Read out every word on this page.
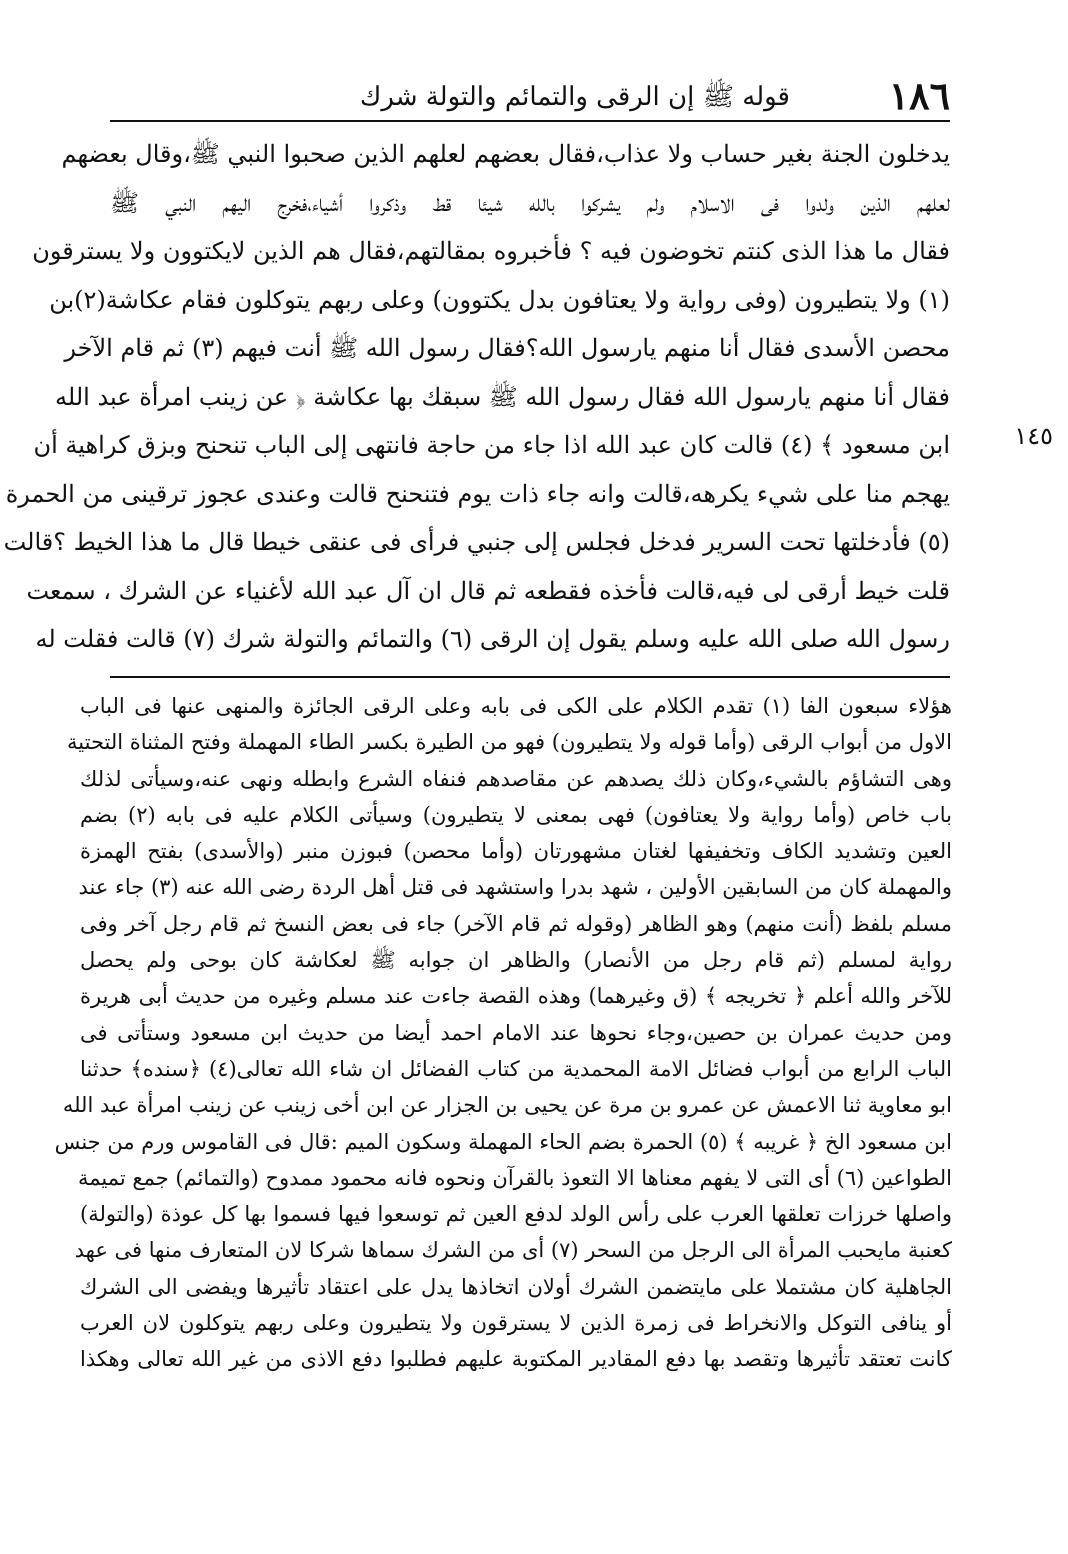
١٨٦
قوله ﷺ إن الرقى والتمائم والتولة شرك
١٤٥
يدخلون الجنة بغير حساب ولا عذاب،فقال بعضهم لعلهم الذين صحبوا النبي ﷺ،وقال بعضهم
لعلهم الذين ولدوا فى الاسلام ولم يشركوا بالله شيئا قط وذكروا أشياء،فخرج اليهم النبي ﷺ
فقال ما هذا الذى كنتم تخوضون فيه ؟ فأخبروه بمقالتهم،فقال هم الذين لايكتوون ولا يسترقون
(١) ولا يتطيرون (وفى رواية ولا يعتافون بدل يكتوون) وعلى ربهم يتوكلون فقام عكاشة(٢)بن
محصن الأسدى فقال أنا منهم يارسول الله؟فقال رسول الله ﷺ أنت فيهم (٣) ثم قام الآخر
فقال أنا منهم يارسول الله فقال رسول الله ﷺ سبقك بها عكاشة ﴿ عن زينب امرأة عبد الله
ابن مسعود ﴾ (٤) قالت كان عبد الله اذا جاء من حاجة فانتهى إلى الباب تنحنح وبزق كراهية أن
يهجم منا على شيء يكرهه،قالت وانه جاء ذات يوم فتنحنح قالت وعندى عجوز ترقينى من الحمرة
(٥) فأدخلتها تحت السرير فدخل فجلس إلى جنبي فرأى فى عنقى خيطا قال ما هذا الخيط ؟قالت
قلت خيط أرقى لى فيه،قالت فأخذه فقطعه ثم قال ان آل عبد الله لأغنياء عن الشرك ، سمعت
رسول الله صلى الله عليه وسلم يقول إن الرقى (٦) والتمائم والتولة شرك (٧) قالت فقلت له
هؤلاء سبعون الفا (١) تقدم الكلام على الكى فى بابه وعلى الرقى الجائزة والمنهى عنها فى الباب
الاول من أبواب الرقى (وأما قوله ولا يتطيرون) فهو من الطيرة بكسر الطاء المهملة وفتح المثناة التحتية
وهى التشاؤم بالشيء،وكان ذلك يصدهم عن مقاصدهم فنفاه الشرع وابطله ونهى عنه،وسيأتى لذلك
باب خاص (وأما رواية ولا يعتافون) فهى بمعنى لا يتطيرون) وسيأتى الكلام عليه فى بابه (٢) بضم
العين وتشديد الكاف وتخفيفها لغتان مشهورتان (وأما محصن) فبوزن منبر (والأسدى) بفتح الهمزة
والمهملة كان من السابقين الأولين ، شهد بدرا واستشهد فى قتل أهل الردة رضى الله عنه (٣) جاء عند
مسلم بلفظ (أنت منهم) وهو الظاهر (وقوله ثم قام الآخر) جاء فى بعض النسخ ثم قام رجل آخر وفى
رواية لمسلم (ثم قام رجل من الأنصار) والظاهر ان جوابه ﷺ لعكاشة كان بوحى ولم يحصل
للآخر والله أعلم ﴿ تخريجه ﴾ (ق وغيرهما) وهذه القصة جاءت عند مسلم وغيره من حديث أبى هريرة
ومن حديث عمران بن حصين،وجاء نحوها عند الامام احمد أيضا من حديث ابن مسعود وستأتى فى
الباب الرابع من أبواب فضائل الامة المحمدية من كتاب الفضائل ان شاء الله تعالى(٤) ﴿سنده﴾ حدثنا
ابو معاوية ثنا الاعمش عن عمرو بن مرة عن يحيى بن الجزار عن ابن أخى زينب عن زينب امرأة عبد الله
ابن مسعود الخ ﴿ غريبه ﴾ (٥) الحمرة بضم الحاء المهملة وسكون الميم :قال فى القاموس ورم من جنس
الطواعين (٦) أى التى لا يفهم معناها الا التعوذ بالقرآن ونحوه فانه محمود ممدوح (والتمائم) جمع تميمة
واصلها خرزات تعلقها العرب على رأس الولد لدفع العين ثم توسعوا فيها فسموا بها كل عوذة (والتولة)
كعنبة مايحبب المرأة الى الرجل من السحر (٧) أى من الشرك سماها شركا لان المتعارف منها فى عهد
الجاهلية كان مشتملا على مايتضمن الشرك أولان اتخاذها يدل على اعتقاد تأثيرها ويفضى الى الشرك
أو ينافى التوكل والانخراط فى زمرة الذين لا يسترقون ولا يتطيرون وعلى ربهم يتوكلون لان العرب
كانت تعتقد تأثيرها وتقصد بها دفع المقادير المكتوبة عليهم فطلبوا دفع الاذى من غير الله تعالى وهكذا
